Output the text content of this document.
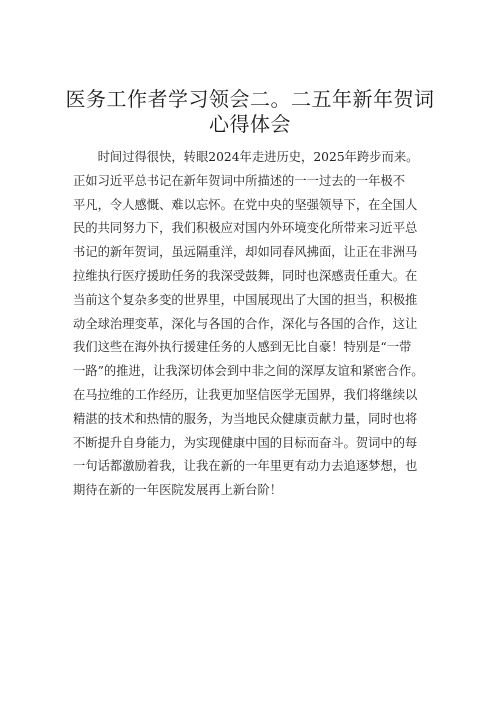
医务工作者学习领会二。二五年新年贺词
心得体会
　　时间过得很快，转眼2024年走进历史，2025年跨步而来。
正如习近平总书记在新年贺词中所描述的一一过去的一年极不
平凡，令人感慨、难以忘怀。在党中央的坚强领导下，在全国人
民的共同努力下，我们积极应对国内外环境变化所带来习近平总
书记的新年贺词，虽远隔重洋，却如同春风拂面，让正在非洲马
拉维执行医疗援助任务的我深受鼓舞，同时也深感责任重大。在
当前这个复杂多变的世界里，中国展现出了大国的担当，积极推
动全球治理变革，深化与各国的合作，深化与各国的合作，这让
我们这些在海外执行援建任务的人感到无比自豪！特别是“一带
一路”的推进，让我深切体会到中非之间的深厚友谊和紧密合作。
在马拉维的工作经历，让我更加坚信医学无国界，我们将继续以
精湛的技术和热情的服务，为当地民众健康贡献力量，同时也将
不断提升自身能力，为实现健康中国的目标而奋斗。贺词中的每
一句话都激励着我，让我在新的一年里更有动力去追逐梦想，也
期待在新的一年医院发展再上新台阶！
